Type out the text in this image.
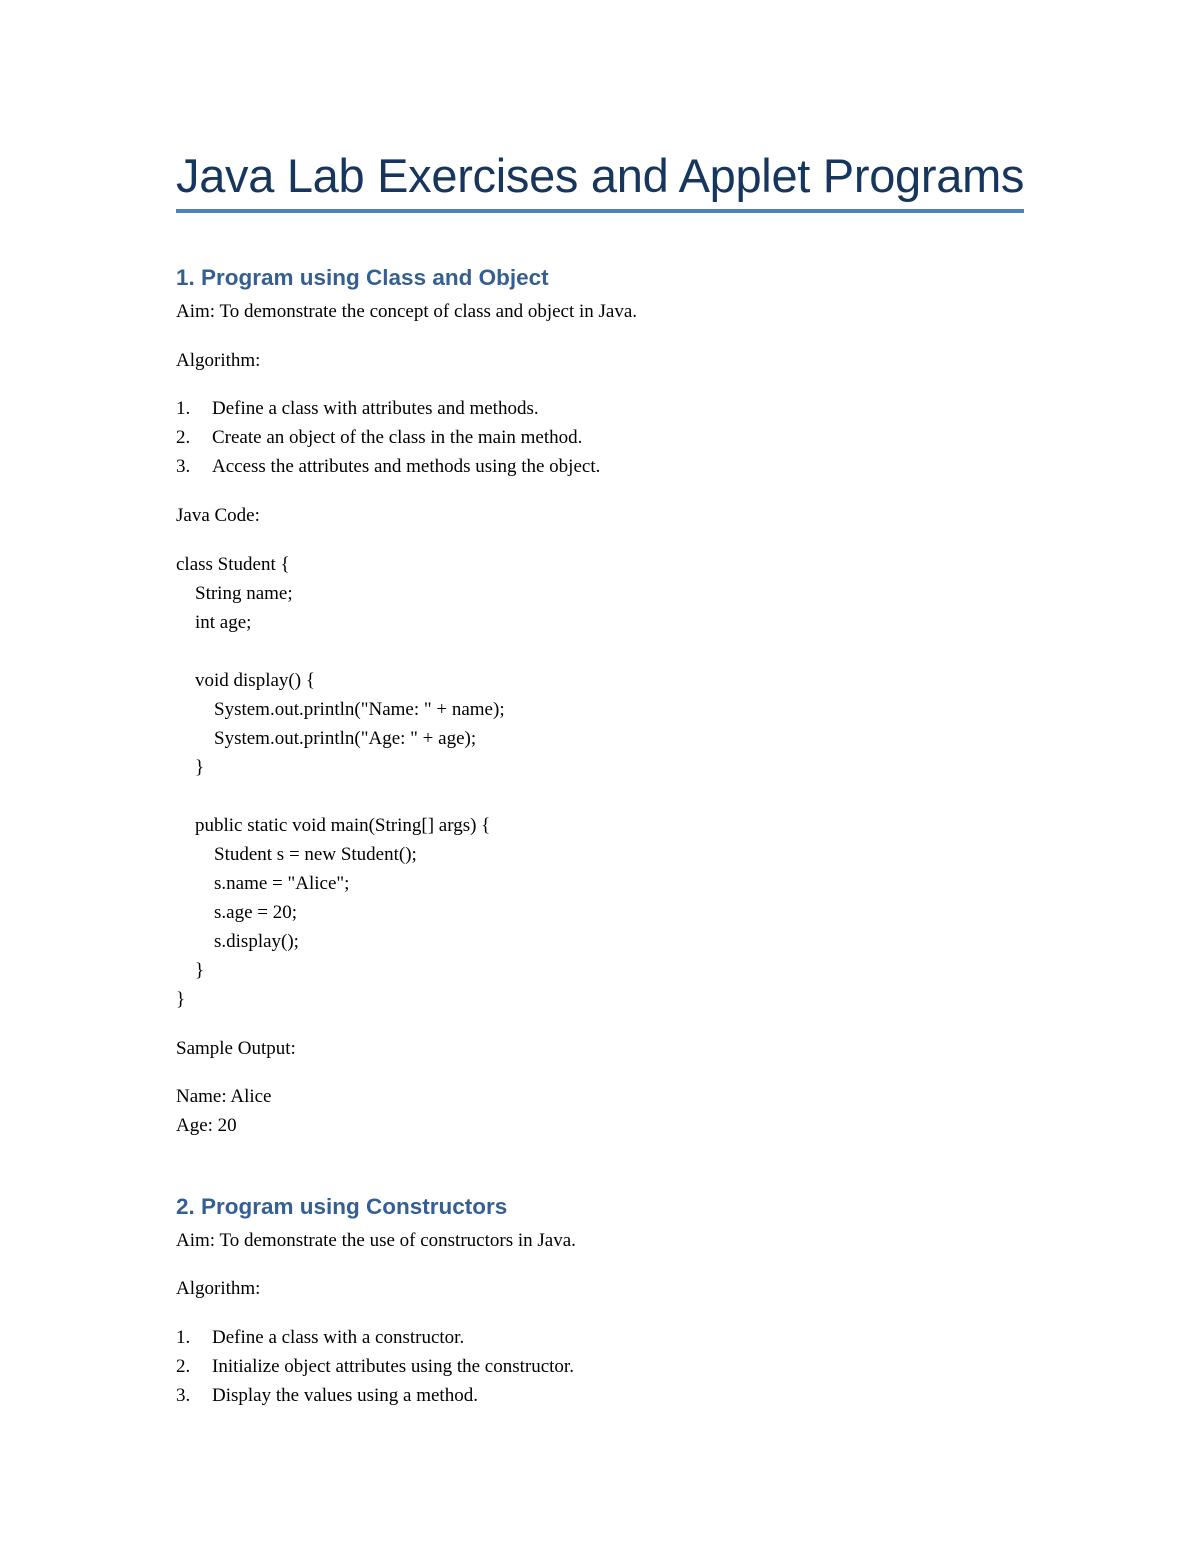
Java Lab Exercises and Applet Programs
1. Program using Class and Object

Aim: To demonstrate the concept of class and object in Java.

Algorithm:

1. Define a class with attributes and methods.

2. Create an object of the class in the main method.

3. Access the attributes and methods using the object.

Java Code:

class Student {

String name;

int age;

void display() {

System.out.println("Name: " + name);

System.out.println("Age: " + age);

}

public static void main(String[] args) {

Student s = new Student();

s.name = "Alice";

s.age = 20;

s.display();

}

}

Sample Output:

Name: Alice

Age: 20

2. Program using Constructors

Aim: To demonstrate the use of constructors in Java.

Algorithm:

1. Define a class with a constructor.

2. Initialize object attributes using the constructor.

3. Display the values using a method.
